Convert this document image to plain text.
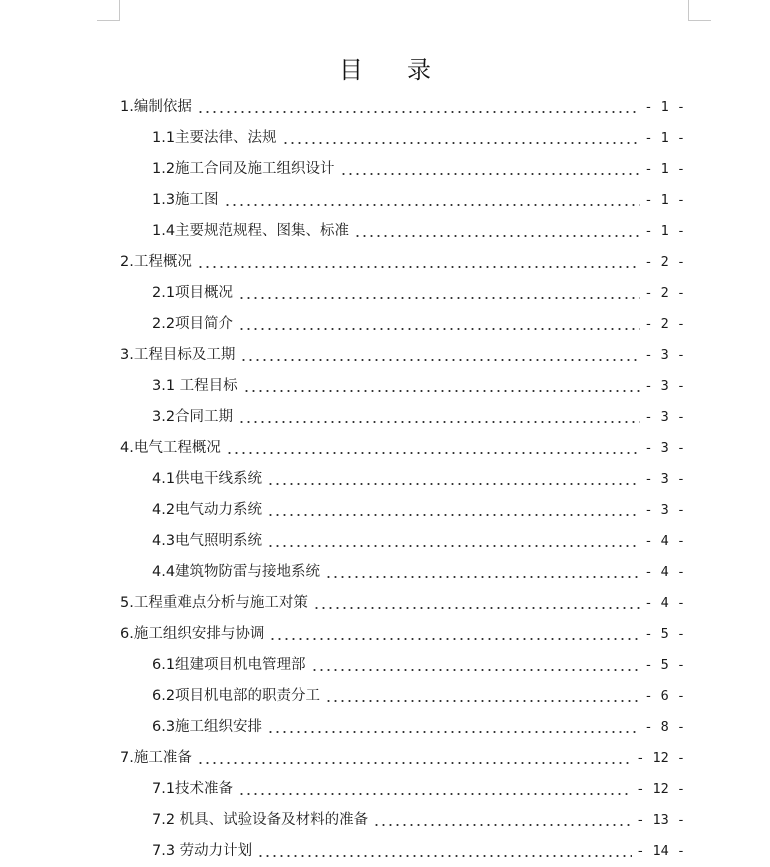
目 录
1.编制依据	- 1 -
1.1主要法律、法规	- 1 -
1.2施工合同及施工组织设计	- 1 -
1.3施工图	- 1 -
1.4主要规范规程、图集、标准	- 1 -
2.工程概况	- 2 -
2.1项目概况	- 2 -
2.2项目简介	- 2 -
3.工程目标及工期	- 3 -
3.1 工程目标	- 3 -
3.2合同工期	- 3 -
4.电气工程概况	- 3 -
4.1供电干线系统	- 3 -
4.2电气动力系统	- 3 -
4.3电气照明系统	- 4 -
4.4建筑物防雷与接地系统	- 4 -
5.工程重难点分析与施工对策	- 4 -
6.施工组织安排与协调	- 5 -
6.1组建项目机电管理部	- 5 -
6.2项目机电部的职责分工	- 6 -
6.3施工组织安排	- 8 -
7.施工准备	- 12 -
7.1技术准备	- 12 -
7.2 机具、试验设备及材料的准备	- 13 -
7.3 劳动力计划	- 14 -
